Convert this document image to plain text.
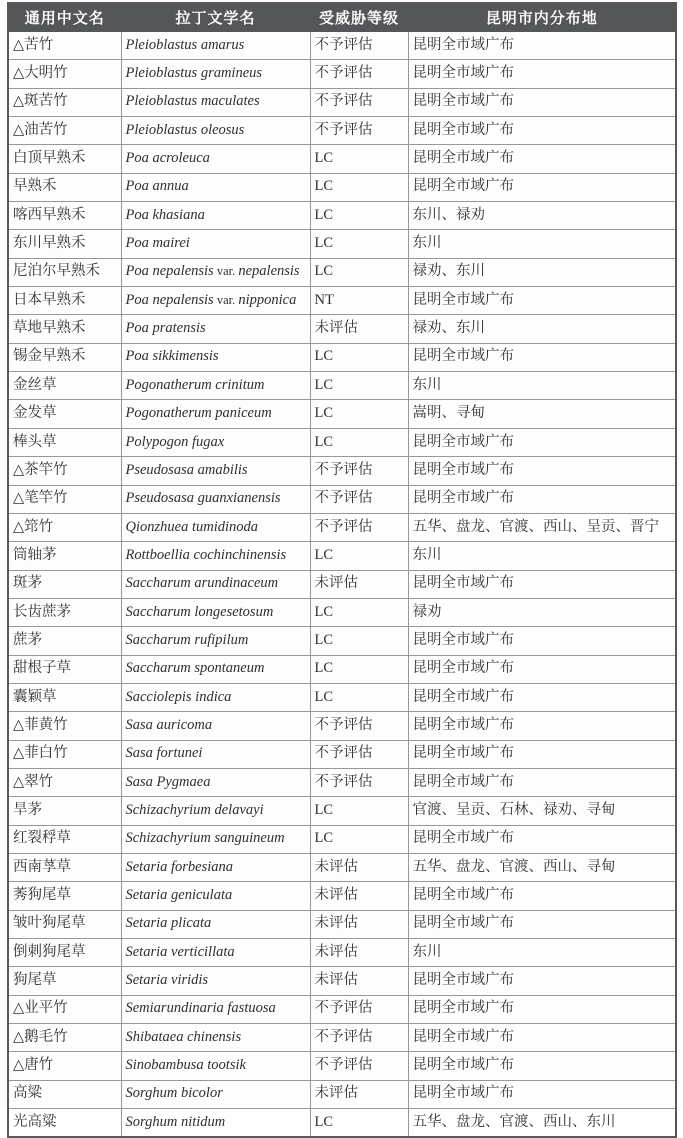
通用中文名	拉丁文学名	受威胁等级	昆明市内分布地
△苦竹	Pleioblastus amarus	不予评估	昆明全市域广布
△大明竹	Pleioblastus gramineus	不予评估	昆明全市域广布
△斑苦竹	Pleioblastus maculates	不予评估	昆明全市域广布
△油苦竹	Pleioblastus oleosus	不予评估	昆明全市域广布
白顶早熟禾	Poa acroleuca	LC	昆明全市域广布
早熟禾	Poa annua	LC	昆明全市域广布
喀西早熟禾	Poa khasiana	LC	东川、禄劝
东川早熟禾	Poa mairei	LC	东川
尼泊尔早熟禾	Poa nepalensis var. nepalensis	LC	禄劝、东川
日本早熟禾	Poa nepalensis var. nipponica	NT	昆明全市域广布
草地早熟禾	Poa pratensis	未评估	禄劝、东川
锡金早熟禾	Poa sikkimensis	LC	昆明全市域广布
金丝草	Pogonatherum crinitum	LC	东川
金发草	Pogonatherum paniceum	LC	嵩明、寻甸
棒头草	Polypogon fugax	LC	昆明全市域广布
△茶竿竹	Pseudosasa amabilis	不予评估	昆明全市域广布
△笔竿竹	Pseudosasa guanxianensis	不予评估	昆明全市域广布
△筇竹	Qionzhuea tumidinoda	不予评估	五华、盘龙、官渡、西山、呈贡、晋宁
筒轴茅	Rottboellia cochinchinensis	LC	东川
斑茅	Saccharum arundinaceum	未评估	昆明全市域广布
长齿蔗茅	Saccharum longesetosum	LC	禄劝
蔗茅	Saccharum rufipilum	LC	昆明全市域广布
甜根子草	Saccharum spontaneum	LC	昆明全市域广布
囊颖草	Sacciolepis indica	LC	昆明全市域广布
△菲黄竹	Sasa auricoma	不予评估	昆明全市域广布
△菲白竹	Sasa fortunei	不予评估	昆明全市域广布
△翠竹	Sasa Pygmaea	不予评估	昆明全市域广布
旱茅	Schizachyrium delavayi	LC	官渡、呈贡、石林、禄劝、寻甸
红裂稃草	Schizachyrium sanguineum	LC	昆明全市域广布
西南莩草	Setaria forbesiana	未评估	五华、盘龙、官渡、西山、寻甸
莠狗尾草	Setaria geniculata	未评估	昆明全市域广布
皱叶狗尾草	Setaria plicata	未评估	昆明全市域广布
倒刺狗尾草	Setaria verticillata	未评估	东川
狗尾草	Setaria viridis	未评估	昆明全市域广布
△业平竹	Semiarundinaria fastuosa	不予评估	昆明全市域广布
△鹅毛竹	Shibataea chinensis	不予评估	昆明全市域广布
△唐竹	Sinobambusa tootsik	不予评估	昆明全市域广布
高粱	Sorghum bicolor	未评估	昆明全市域广布
光高粱	Sorghum nitidum	LC	五华、盘龙、官渡、西山、东川
